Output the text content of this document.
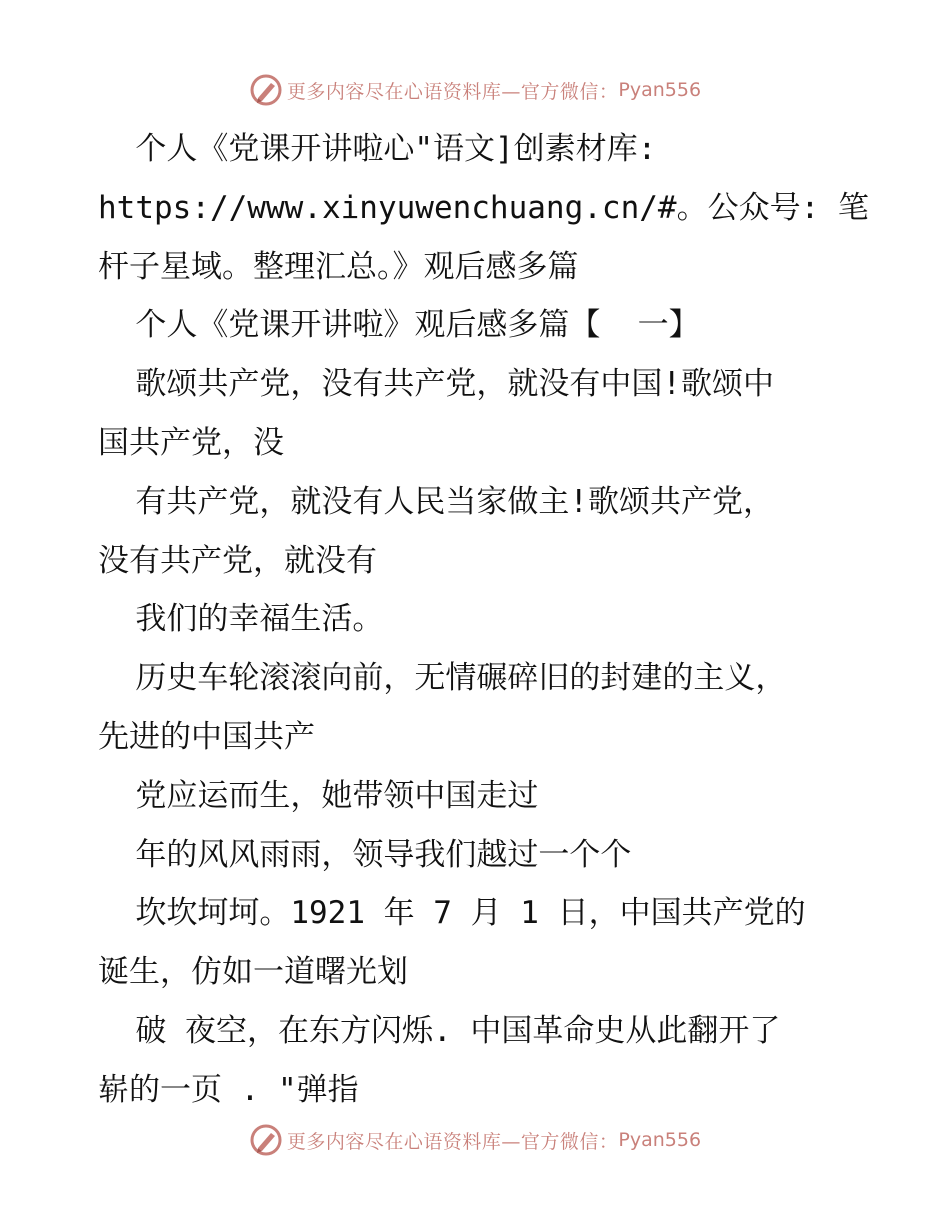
更多内容尽在心语资料库—官方微信： Pyan556
个人《党课开讲啦心"语文]创素材库:
https://www.xinyuwenchuang.cn/#。公众号: 笔
杆子星域。整理汇总。》观后感多篇
个人《党课开讲啦》观后感多篇【  一】
歌颂共产党，没有共产党，就没有中国!歌颂中
国共产党，没
有共产党，就没有人民当家做主!歌颂共产党，
没有共产党，就没有
我们的幸福生活。
历史车轮滚滚向前，无情碾碎旧的封建的主义，
先进的中国共产
党应运而生，她带领中国走过
年的风风雨雨，领导我们越过一个个
坎坎坷坷。1921 年 7 月 1 日，中国共产党的
诞生，仿如一道曙光划
破 夜空，在东方闪烁. 中国革命史从此翻开了
崭的一页 . "弹指
更多内容尽在心语资料库—官方微信： Pyan556
